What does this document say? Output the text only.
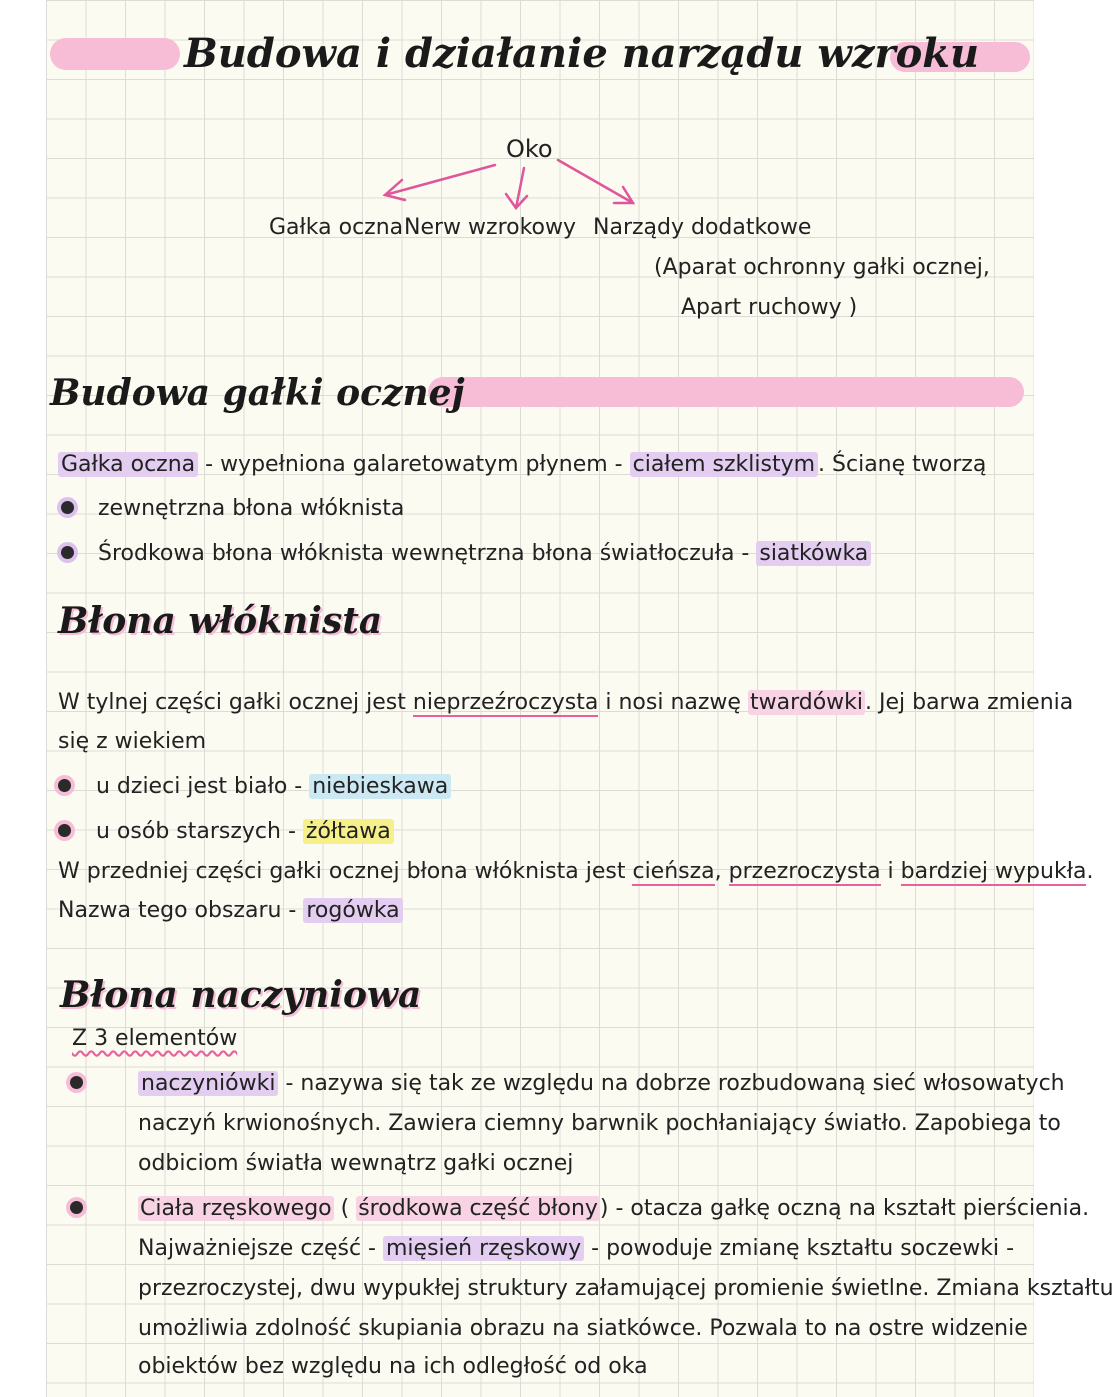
Budowa i działanie narządu wzroku
Oko
Gałka oczna Nerw wzrokowy Narządy dodatkowe
(Aparat ochronny gałki ocznej,
Apart ruchowy )
Budowa gałki ocznej
Gałka oczna - wypełniona galaretowatym płynem - ciałem szklistym . Ścianę tworzą
zewnętrzna błona włóknista
Środkowa błona włóknista wewnętrzna błona światłoczuła - siatkówka
Błona włóknista
W tylnej części gałki ocznej jest nieprzeźroczysta i nosi nazwę twardówki. Jej barwa zmienia
się z wiekiem
u dzieci jest biało - niebieskawa
u osób starszych - żółtawa
W przedniej części gałki ocznej błona włóknista jest cieńsza, przezroczysta i bardziej wypukła.
Nazwa tego obszaru - rogówka
Błona naczyniowa
Z 3 elementów
naczyniówki - nazywa się tak ze względu na dobrze rozbudowaną sieć włosowatych
naczyń krwionośnych. Zawiera ciemny barwnik pochłaniający światło. Zapobiega to
odbiciom światła wewnątrz gałki ocznej
Ciała rzęskowego ( środkowa część błony) - otacza gałkę oczną na kształt pierścienia.
Najważniejsze część - mięsień rzęskowy - powoduje zmianę kształtu soczewki -
przezroczystej, dwu wypukłej struktury załamującej promienie świetlne. Zmiana kształtu
umożliwia zdolność skupiania obrazu na siatkówce. Pozwala to na ostre widzenie
obiektów bez względu na ich odległość od oka
